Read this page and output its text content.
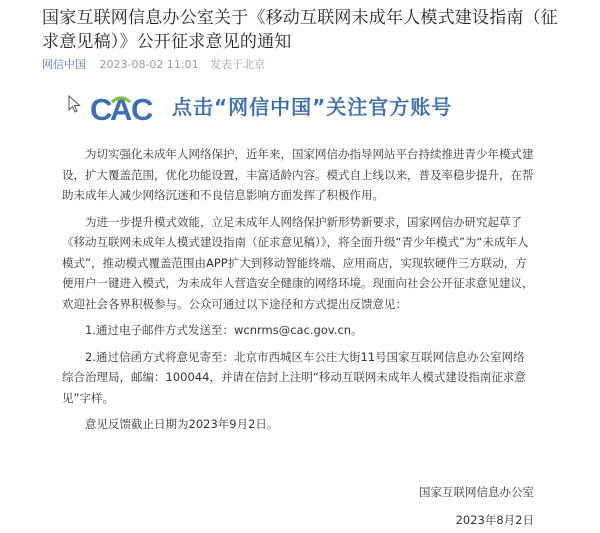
国家互联网信息办公室关于《移动互联网未成年人模式建设指南（征求意见稿）》公开征求意见的通知
网信中国 2023-08-02 11:01 发表于北京
C
A C 点击“网信中国”关注官方账号

为切实强化未成年人网络保护，近年来，国家网信办指导网站平台持续推进青少年模式建设，扩大覆盖范围，优化功能设置，丰富适龄内容。模式自上线以来，普及率稳步提升，在帮助未成年人减少网络沉迷和不良信息影响方面发挥了积极作用。

为进一步提升模式效能，立足未成年人网络保护新形势新要求，国家网信办研究起草了《移动互联网未成年人模式建设指南（征求意见稿）》，将全面升级“青少年模式”为“未成年人模式”，推动模式覆盖范围由APP扩大到移动智能终端、应用商店，实现软硬件三方联动，方便用户一键进入模式，为未成年人营造安全健康的网络环境。现面向社会公开征求意见建议，欢迎社会各界积极参与。公众可通过以下途径和方式提出反馈意见：

1.通过电子邮件方式发送至：wcnrms@cac.gov.cn。

2.通过信函方式将意见寄至：北京市西城区车公庄大街11号国家互联网信息办公室网络综合治理局，邮编：100044，并请在信封上注明“移动互联网未成年人模式建设指南征求意见”字样。

意见反馈截止日期为2023年9月2日。

国家互联网信息办公室
2023年8月2日
